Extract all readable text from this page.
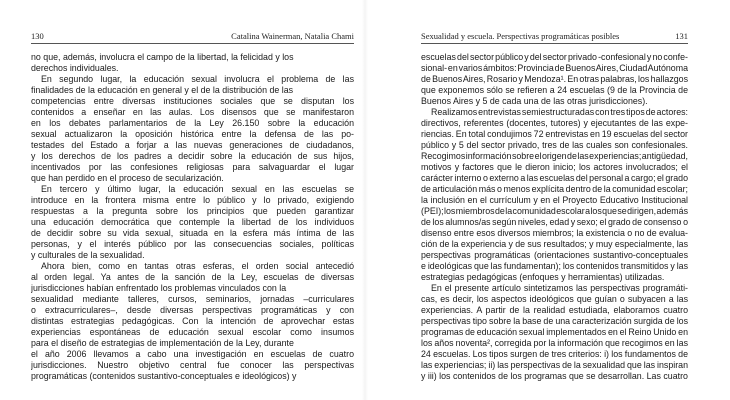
130	Catalina Wainerman, Natalia Chami
no que, además, involucra el campo de la libertad, la felicidad y los
derechos individuales.
En segundo lugar, la educación sexual involucra el problema de las
finalidades de la educación en general y el de la distribución de las
competencias entre diversas instituciones sociales que se disputan los
contenidos a enseñar en las aulas. Los disensos que se manifestaron
en los debates parlamentarios de la Ley 26.150 sobre la educación
sexual actualizaron la oposición histórica entre la defensa de las po-
testades del Estado a forjar a las nuevas generaciones de ciudadanos,
y los derechos de los padres a decidir sobre la educación de sus hijos,
incentivados por las confesiones religiosas para salvaguardar el lugar
que han perdido en el proceso de secularización.
En tercero y último lugar, la educación sexual en las escuelas se
introduce en la frontera misma entre lo público y lo privado, exigiendo
respuestas a la pregunta sobre los principios que pueden garantizar
una educación democrática que contemple la libertad de los individuos
de decidir sobre su vida sexual, situada en la esfera más íntima de las
personas, y el interés público por las consecuencias sociales, políticas
y culturales de la sexualidad.
Ahora bien, como en tantas otras esferas, el orden social antecedió
al orden legal. Ya antes de la sanción de la Ley, escuelas de diversas
jurisdicciones habían enfrentado los problemas vinculados con la
sexualidad mediante talleres, cursos, seminarios, jornadas –curriculares
o extracurriculares–, desde diversas perspectivas programáticas y con
distintas estrategias pedagógicas. Con la intención de aprovechar estas
experiencias espontáneas de educación sexual escolar como insumos
para el diseño de estrategias de implementación de la Ley, durante
el año 2006 llevamos a cabo una investigación en escuelas de cuatro
jurisdicciones. Nuestro objetivo central fue conocer las perspectivas
programáticas (contenidos sustantivo-conceptuales e ideológicos) y
Sexualidad y escuela. Perspectivas programáticas posibles	131
escuelas del sector público y del sector privado -confesional y no confe-
sional- en varios ámbitos: Provincia de Buenos Aires, Ciudad Autónoma
de Buenos Aires, Rosario y Mendoza¹. En otras palabras, los hallazgos
que exponemos sólo se refieren a 24 escuelas (9 de la Provincia de
Buenos Aires y 5 de cada una de las otras jurisdicciones).
Realizamos entrevistas semiestructuradas con tres tipos de actores:
directivos, referentes (docentes, tutores) y ejecutantes de las expe-
riencias. En total condujimos 72 entrevistas en 19 escuelas del sector
público y 5 del sector privado, tres de las cuales son confesionales.
Recogimos información sobre el origen de las experiencias; antigüedad,
motivos y factores que le dieron inicio; los actores involucrados; el
carácter interno o externo a las escuelas del personal a cargo; el grado
de articulación más o menos explícita dentro de la comunidad escolar;
la inclusión en el currículum y en el Proyecto Educativo Institucional
(PEI); los miembros de la comunidad escolar a los que se dirigen, además
de los alumnos/as según niveles, edad y sexo; el grado de consenso o
disenso entre esos diversos miembros; la existencia o no de evalua-
ción de la experiencia y de sus resultados; y muy especialmente, las
perspectivas programáticas (orientaciones sustantivo-conceptuales
e ideológicas que las fundamentan); los contenidos transmitidos y las
estrategias pedagógicas (enfoques y herramientas) utilizadas.
En el presente artículo sintetizamos las perspectivas programáti-
cas, es decir, los aspectos ideológicos que guían o subyacen a las
experiencias. A partir de la realidad estudiada, elaboramos cuatro
perspectivas tipo sobre la base de una caracterización surgida de los
programas de educación sexual implementados en el Reino Unido en
los años noventa², corregida por la información que recogimos en las
24 escuelas. Los tipos surgen de tres criterios: i) los fundamentos de
las experiencias; ii) las perspectivas de la sexualidad que las inspiran
y iii) los contenidos de los programas que se desarrollan. Las cuatro
